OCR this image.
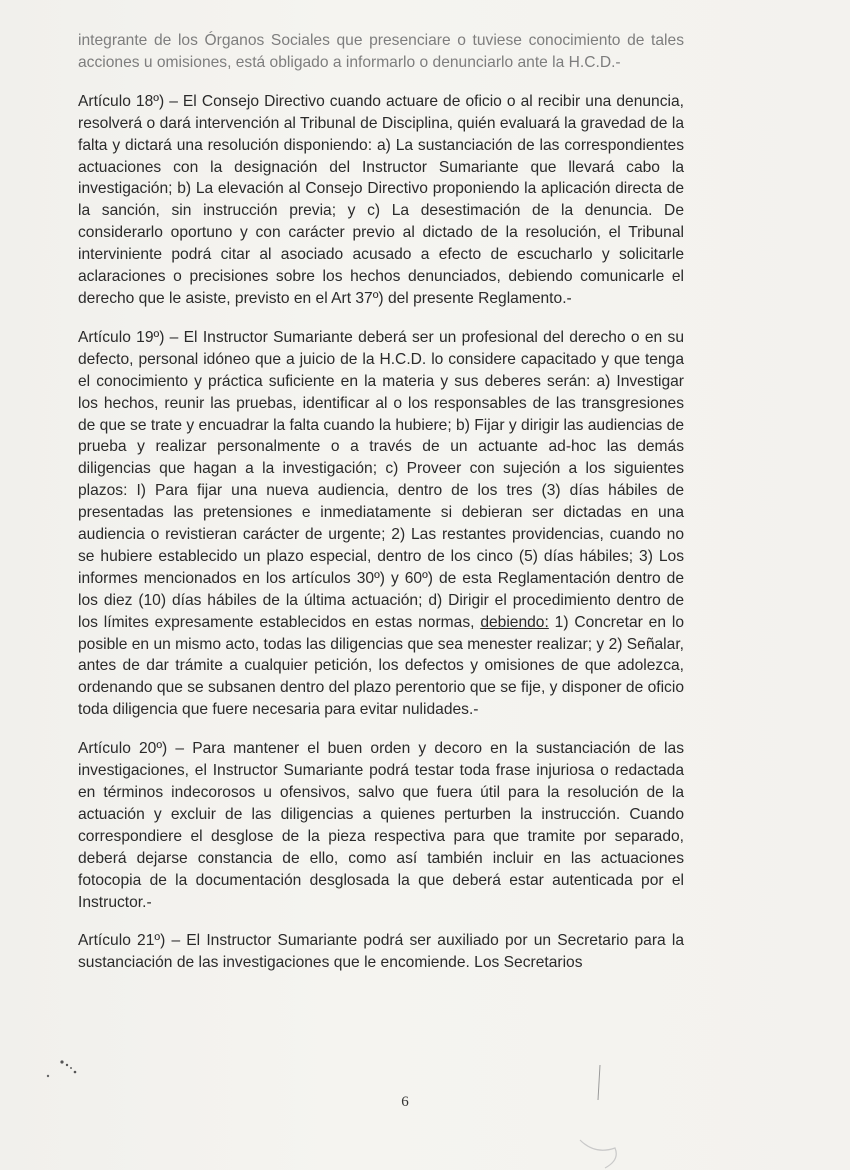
integrante de los Órganos Sociales que presenciare o tuviese conocimiento de tales acciones u omisiones, está obligado a informarlo o denunciarlo ante la H.C.D.-

Artículo 18º) – El Consejo Directivo cuando actuare de oficio o al recibir una denuncia, resolverá o dará intervención al Tribunal de Disciplina, quién evaluará la gravedad de la falta y dictará una resolución disponiendo: a) La sustanciación de las correspondientes actuaciones con la designación del Instructor Sumariante que llevará cabo la investigación; b) La elevación al Consejo Directivo proponiendo la aplicación directa de la sanción, sin instrucción previa; y c) La desestimación de la denuncia. De considerarlo oportuno y con carácter previo al dictado de la resolución, el Tribunal interviniente podrá citar al asociado acusado a efecto de escucharlo y solicitarle aclaraciones o precisiones sobre los hechos denunciados, debiendo comunicarle el derecho que le asiste, previsto en el Art 37º) del presente Reglamento.-

Artículo 19º) – El Instructor Sumariante deberá ser un profesional del derecho o en su defecto, personal idóneo que a juicio de la H.C.D. lo considere capacitado y que tenga el conocimiento y práctica suficiente en la materia y sus deberes serán: a) Investigar los hechos, reunir las pruebas, identificar al o los responsables de las transgresiones de que se trate y encuadrar la falta cuando la hubiere; b) Fijar y dirigir las audiencias de prueba y realizar personalmente o a través de un actuante ad-hoc las demás diligencias que hagan a la investigación; c) Proveer con sujeción a los siguientes plazos: I) Para fijar una nueva audiencia, dentro de los tres (3) días hábiles de presentadas las pretensiones e inmediatamente si debieran ser dictadas en una audiencia o revistieran carácter de urgente; 2) Las restantes providencias, cuando no se hubiere establecido un plazo especial, dentro de los cinco (5) días hábiles; 3) Los informes mencionados en los artículos 30º) y 60º) de esta Reglamentación dentro de los diez (10) días hábiles de la última actuación; d) Dirigir el procedimiento dentro de los límites expresamente establecidos en estas normas, debiendo: 1) Concretar en lo posible en un mismo acto, todas las diligencias que sea menester realizar; y 2) Señalar, antes de dar trámite a cualquier petición, los defectos y omisiones de que adolezca, ordenando que se subsanen dentro del plazo perentorio que se fije, y disponer de oficio toda diligencia que fuere necesaria para evitar nulidades.-

Artículo 20º) – Para mantener el buen orden y decoro en la sustanciación de las investigaciones, el Instructor Sumariante podrá testar toda frase injuriosa o redactada en términos indecorosos u ofensivos, salvo que fuera útil para la resolución de la actuación y excluir de las diligencias a quienes perturben la instrucción. Cuando correspondiere el desglose de la pieza respectiva para que tramite por separado, deberá dejarse constancia de ello, como así también incluir en las actuaciones fotocopia de la documentación desglosada la que deberá estar autenticada por el Instructor.-

Artículo 21º) – El Instructor Sumariante podrá ser auxiliado por un Secretario para la sustanciación de las investigaciones que le encomiende. Los Secretarios

6
